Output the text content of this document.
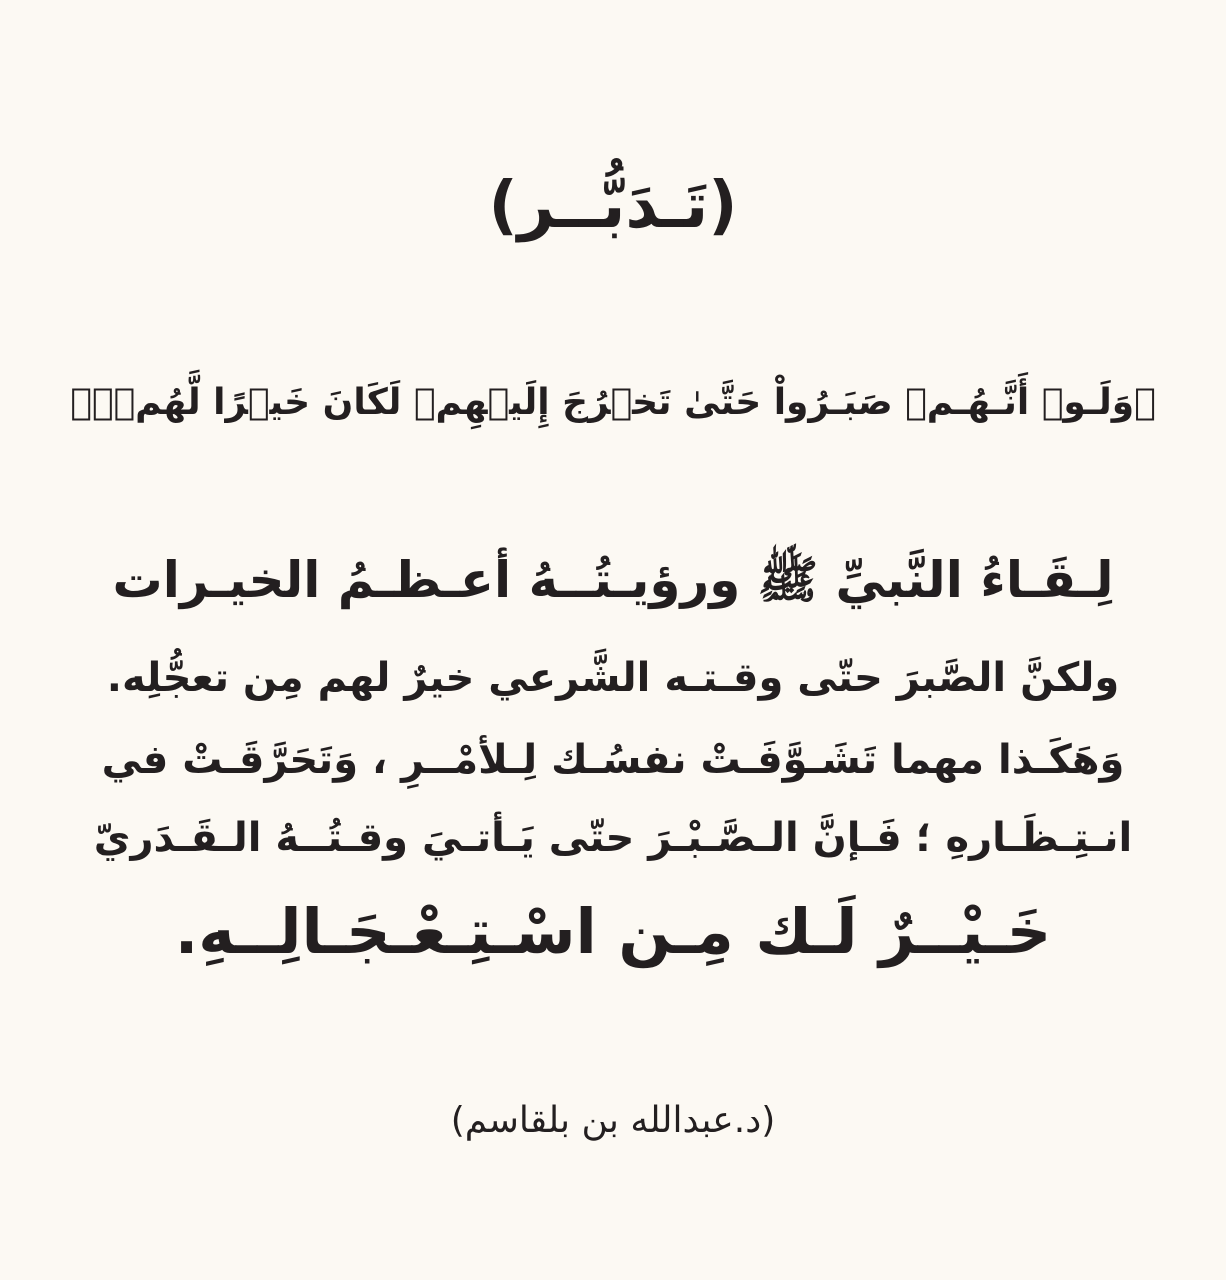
(تَـدَبُّــر)
﴿وَلَـوۡ أَنَّـهُـمۡ صَبَـرُواْ حَتَّىٰ تَخۡرُجَ إِلَيۡهِمۡ لَكَانَ خَيۡرًا لَّهُمۡۚ﴾
لِـقَـاءُ النَّبيِّ ﷺ ورؤيـتُــهُ أعـظـمُ الخيـرات
ولكنَّ الصَّبرَ حتّى وقـتـه الشَّرعي خيرٌ لهم مِن تعجُّلِه.
وَهَكَـذا مهما تَشَـوَّفَـتْ نفسُـك لِـلأمْــرِ ، وَتَحَرَّقَـتْ في
انـتِـظَـارهِ ؛ فَـإنَّ الـصَّـبْـرَ حتّى يَـأتـيَ وقـتُــهُ الـقَـدَريّ
خَـيْــرٌ لَـك مِـن اسْـتِـعْـجَـالِــهِ.
(د.عبدالله بن بلقاسم)
